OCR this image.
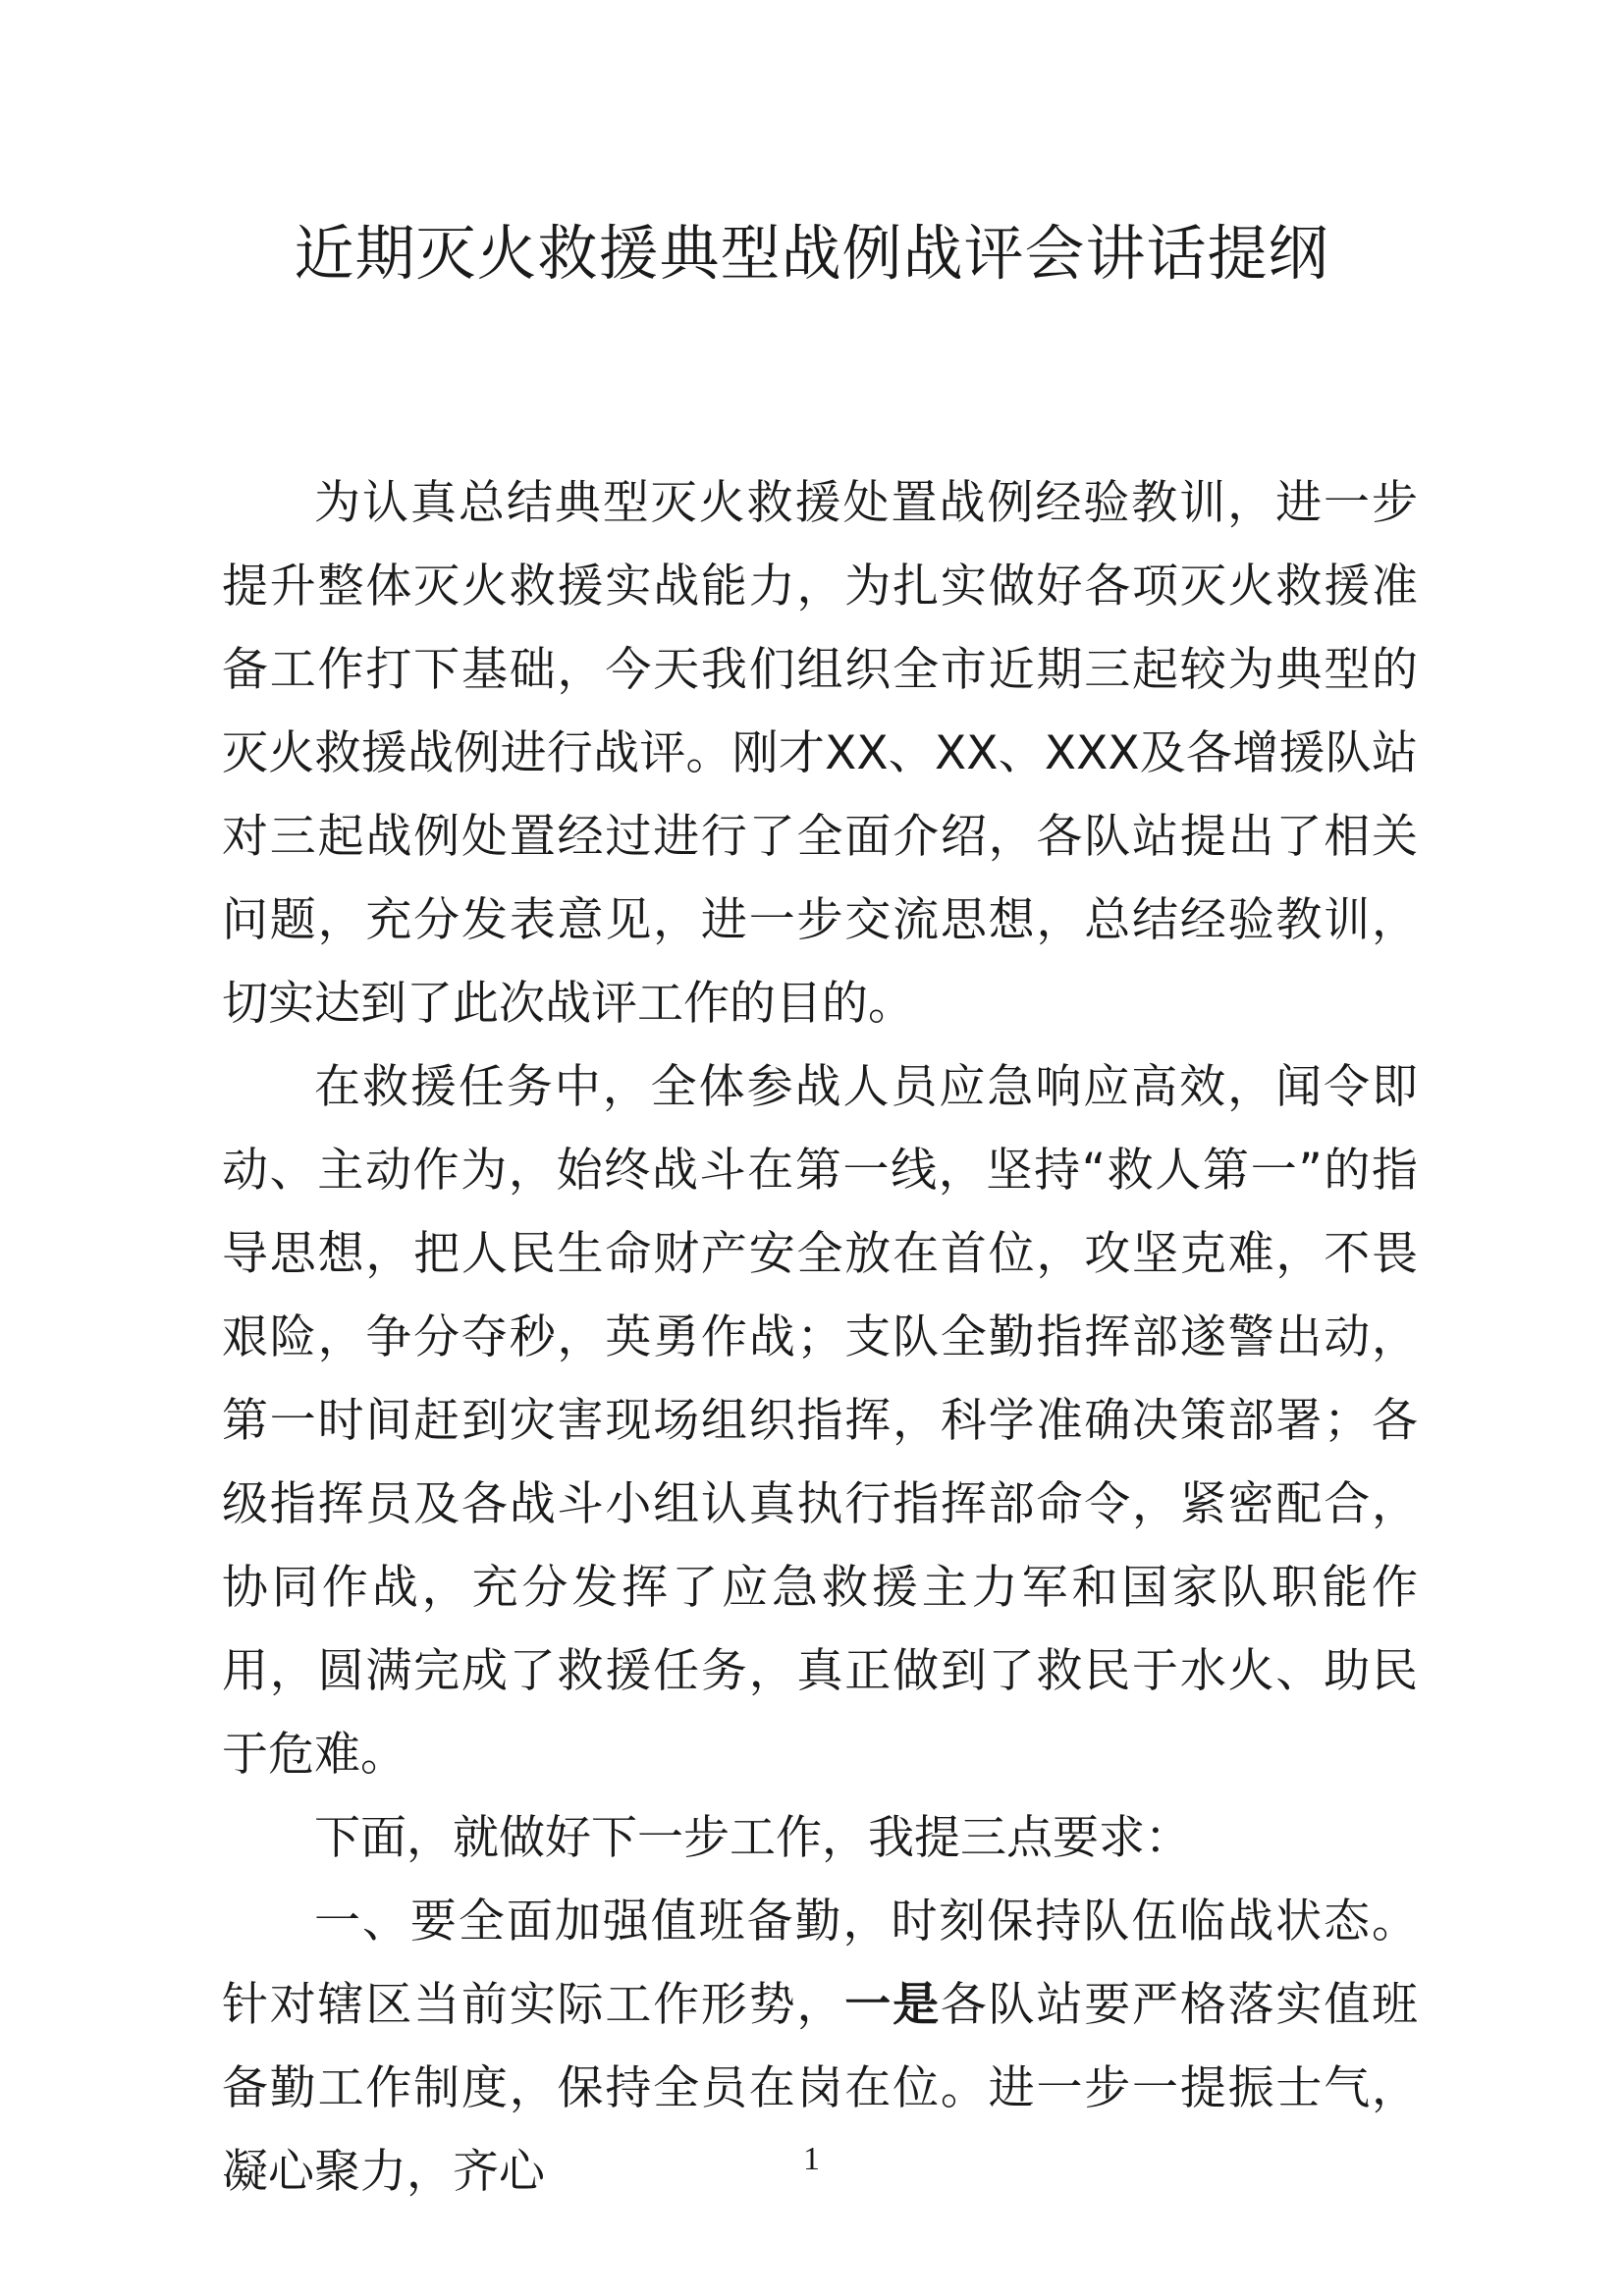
近期灭火救援典型战例战评会讲话提纲

为认真总结典型灭火救援处置战例经验教训，进一步提升整体灭火救援实战能力，为扎实做好各项灭火救援准备工作打下基础，今天我们组织全市近期三起较为典型的灭火救援战例进行战评。刚才XX、XX、XXX及各增援队站对三起战例处置经过进行了全面介绍，各队站提出了相关问题，充分发表意见，进一步交流思想，总结经验教训，切实达到了此次战评工作的目的。

在救援任务中，全体参战人员应急响应高效，闻令即动、主动作为，始终战斗在第一线，坚持“救人第一”的指导思想，把人民生命财产安全放在首位，攻坚克难，不畏艰险，争分夺秒，英勇作战；支队全勤指挥部遂警出动，第一时间赶到灾害现场组织指挥，科学准确决策部署；各级指挥员及各战斗小组认真执行指挥部命令，紧密配合，协同作战，充分发挥了应急救援主力军和国家队职能作用，圆满完成了救援任务，真正做到了救民于水火、助民于危难。

下面，就做好下一步工作，我提三点要求：

一、要全面加强值班备勤，时刻保持队伍临战状态。针对辖区当前实际工作形势，一是各队站要严格落实值班备勤工作制度，保持全员在岗在位。进一步一提振士气，凝心聚力，齐心	1
